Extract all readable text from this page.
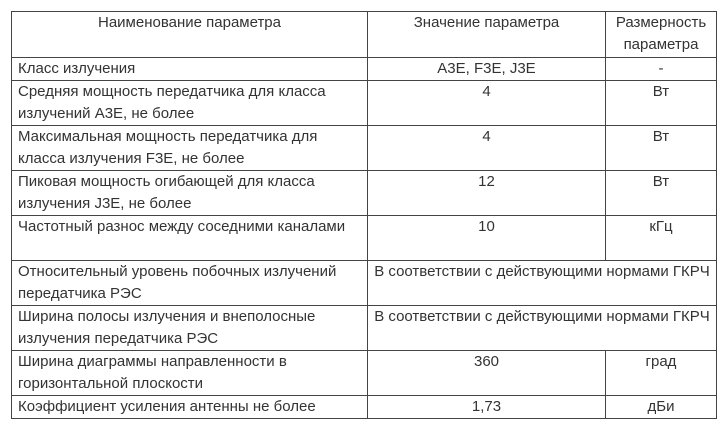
Наименование параметра	Значение параметра	Размерность параметра
Класс излучения	A3E, F3E, J3E	-
Средняя мощность передатчика для класса излучений A3E, не более	4	Вт
Максимальная мощность передатчика для класса излучения F3E, не более	4	Вт
Пиковая мощность огибающей для класса излучения J3E, не более	12	Вт
Частотный разнос между соседними каналами	10	кГц
Относительный уровень побочных излучений передатчика РЭС	В соответствии с действующими нормами ГКРЧ	
Ширина полосы излучения и внеполосные излучения передатчика РЭС	В соответствии с действующими нормами ГКРЧ	
Ширина диаграммы направленности в горизонтальной плоскости	360	град
Коэффициент усиления антенны не более	1,73	дБи
